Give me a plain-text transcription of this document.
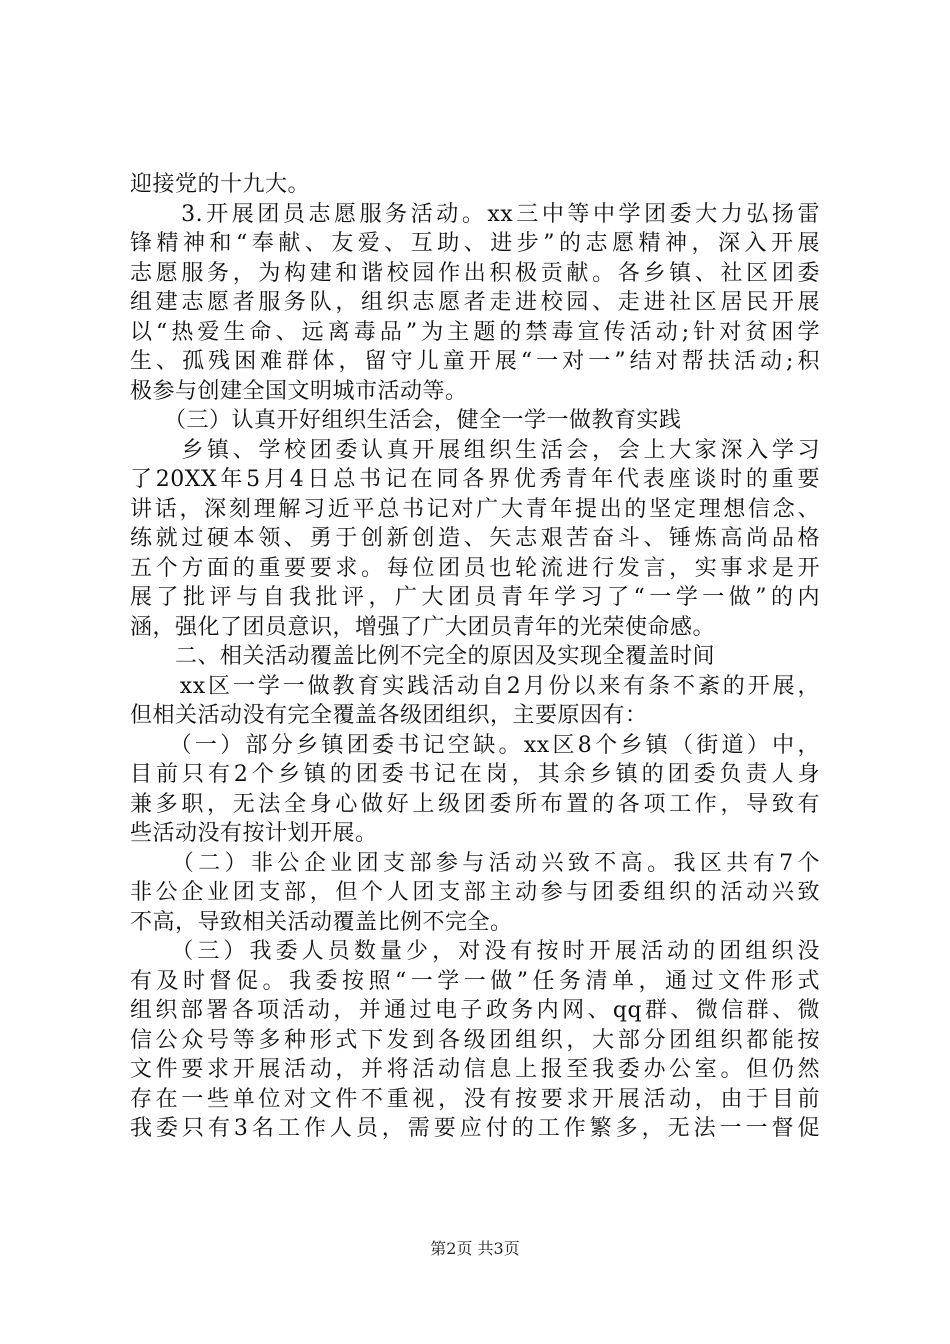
迎接党的十九大。
　　3.开展团员志愿服务活动。xx三中等中学团委大力弘扬雷
锋精神和“奉献、友爱、互助、进步”的志愿精神，深入开展
志愿服务，为构建和谐校园作出积极贡献。各乡镇、社区团委
组建志愿者服务队，组织志愿者走进校园、走进社区居民开展
以“热爱生命、远离毒品”为主题的禁毒宣传活动;针对贫困学
生、孤残困难群体，留守儿童开展“一对一”结对帮扶活动;积
极参与创建全国文明城市活动等。
　　（三）认真开好组织生活会，健全一学一做教育实践
　　乡镇、学校团委认真开展组织生活会，会上大家深入学习
了20XX年5月4日总书记在同各界优秀青年代表座谈时的重要
讲话，深刻理解习近平总书记对广大青年提出的坚定理想信念、
练就过硬本领、勇于创新创造、矢志艰苦奋斗、锤炼高尚品格
五个方面的重要要求。每位团员也轮流进行发言，实事求是开
展了批评与自我批评，广大团员青年学习了“一学一做”的内
涵，强化了团员意识，增强了广大团员青年的光荣使命感。
　　二、相关活动覆盖比例不完全的原因及实现全覆盖时间
　　xx区一学一做教育实践活动自2月份以来有条不紊的开展，
但相关活动没有完全覆盖各级团组织，主要原因有：
　　（一）部分乡镇团委书记空缺。xx区8个乡镇（街道）中，
目前只有2个乡镇的团委书记在岗，其余乡镇的团委负责人身
兼多职，无法全身心做好上级团委所布置的各项工作，导致有
些活动没有按计划开展。
　　（二）非公企业团支部参与活动兴致不高。我区共有7个
非公企业团支部，但个人团支部主动参与团委组织的活动兴致
不高，导致相关活动覆盖比例不完全。
　　（三）我委人员数量少，对没有按时开展活动的团组织没
有及时督促。我委按照“一学一做”任务清单，通过文件形式
组织部署各项活动，并通过电子政务内网、qq群、微信群、微
信公众号等多种形式下发到各级团组织，大部分团组织都能按
文件要求开展活动，并将活动信息上报至我委办公室。但仍然
存在一些单位对文件不重视，没有按要求开展活动，由于目前
我委只有3名工作人员，需要应付的工作繁多，无法一一督促
第2页 共3页
